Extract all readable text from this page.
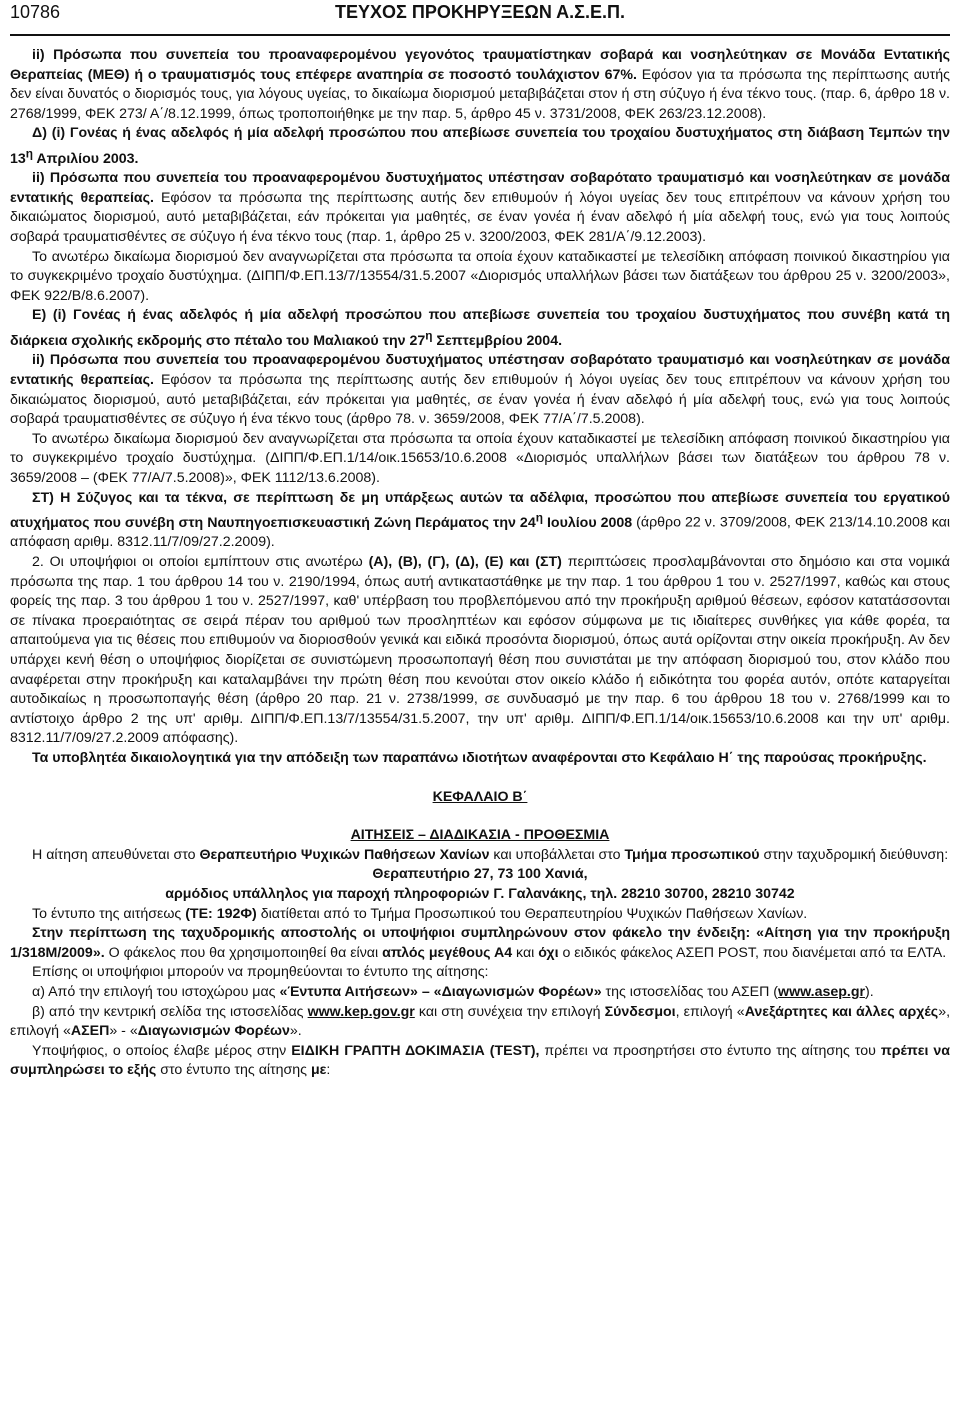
10786	ΤΕΥΧΟΣ ΠΡΟΚΗΡΥΞΕΩΝ Α.Σ.Ε.Π.

ii) Πρόσωπα που συνεπεία του προαναφερομένου γεγονότος τραυματίστηκαν σοβαρά και νοσηλεύτηκαν σε Μονάδα Εντατικής Θεραπείας (ΜΕΘ) ή ο τραυματισμός τους επέφερε αναπηρία σε ποσοστό τουλάχιστον 67%. Εφόσον για τα πρόσωπα της περίπτωσης αυτής δεν είναι δυνατός ο διορισμός τους, για λόγους υγείας, το δικαίωμα διορισμού μεταβιβάζεται στον ή στη σύζυγο ή ένα τέκνο τους. (παρ. 6, άρθρο 18 ν. 2768/1999, ΦΕΚ 273/ Α΄/8.12.1999, όπως τροποποιήθηκε με την παρ. 5, άρθρο 45 ν. 3731/2008, ΦΕΚ 263/23.12.2008).

Δ) (i) Γονέας ή ένας αδελφός ή μία αδελφή προσώπου που απεβίωσε συνεπεία του τροχαίου δυστυχήματος στη διάβαση Τεμπών την $13^\eta$ Απριλίου 2003.

ii) Πρόσωπα που συνεπεία του προαναφερομένου δυστυχήματος υπέστησαν σοβαρότατο τραυματισμό και νοσηλεύτηκαν σε μονάδα εντατικής θεραπείας. Εφόσον τα πρόσωπα της περίπτωσης αυτής δεν επιθυμούν ή λόγοι υγείας δεν τους επιτρέπουν να κάνουν χρήση του δικαιώματος διορισμού, αυτό μεταβιβάζεται, εάν πρόκειται για μαθητές, σε έναν γονέα ή έναν αδελφό ή μία αδελφή τους, ενώ για τους λοιπούς σοβαρά τραυματισθέντες σε σύζυγο ή ένα τέκνο τους (παρ. 1, άρθρο 25 ν. 3200/2003, ΦΕΚ 281/Α΄/9.12.2003).

Το ανωτέρω δικαίωμα διορισμού δεν αναγνωρίζεται στα πρόσωπα τα οποία έχουν καταδικαστεί με τελεσίδικη απόφαση ποινικού δικαστηρίου για το συγκεκριμένο τροχαίο δυστύχημα. (ΔΙΠΠ/Φ.ΕΠ.13/7/13554/31.5.2007 «Διορισμός υπαλλήλων βάσει των διατάξεων του άρθρου 25 ν. 3200/2003», ΦΕΚ 922/Β/8.6.2007).

Ε) (i) Γονέας ή ένας αδελφός ή μία αδελφή προσώπου που απεβίωσε συνεπεία του τροχαίου δυστυχήματος που συνέβη κατά τη διάρκεια σχολικής εκδρομής στο πέταλο του Μαλιακού την $27^\eta$ Σεπτεμβρίου 2004.

ii) Πρόσωπα που συνεπεία του προαναφερομένου δυστυχήματος υπέστησαν σοβαρότατο τραυματισμό και νοσηλεύτηκαν σε μονάδα εντατικής θεραπείας. Εφόσον τα πρόσωπα της περίπτωσης αυτής δεν επιθυμούν ή λόγοι υγείας δεν τους επιτρέπουν να κάνουν χρήση του δικαιώματος διορισμού, αυτό μεταβιβάζεται, εάν πρόκειται για μαθητές, σε έναν γονέα ή έναν αδελφό ή μία αδελφή τους, ενώ για τους λοιπούς σοβαρά τραυματισθέντες σε σύζυγο ή ένα τέκνο τους (άρθρο 78. ν. 3659/2008, ΦΕΚ 77/Α΄/7.5.2008).

Το ανωτέρω δικαίωμα διορισμού δεν αναγνωρίζεται στα πρόσωπα τα οποία έχουν καταδικαστεί με τελεσίδικη απόφαση ποινικού δικαστηρίου για το συγκεκριμένο τροχαίο δυστύχημα. (ΔΙΠΠ/Φ.ΕΠ.1/14/οικ.15653/10.6.2008 «Διορισμός υπαλλήλων βάσει των διατάξεων του άρθρου 78 ν. 3659/2008 – (ΦΕΚ 77/Α/7.5.2008)», ΦΕΚ 1112/13.6.2008).

ΣΤ) Η Σύζυγος και τα τέκνα, σε περίπτωση δε μη υπάρξεως αυτών τα αδέλφια, προσώπου που απεβίωσε συνεπεία του εργατικού ατυχήματος που συνέβη στη Ναυπηγοεπισκευαστική Ζώνη Περάματος την $24^\eta$ Ιουλίου 2008 (άρθρο 22 ν. 3709/2008, ΦΕΚ 213/14.10.2008 και απόφαση αριθμ. 8312.11/7/09/27.2.2009).

2. Οι υποψήφιοι οι οποίοι εμπίπτουν στις ανωτέρω (Α), (Β), (Γ), (Δ), (Ε) και (ΣΤ) περιπτώσεις προσλαμβάνονται στο δημόσιο και στα νομικά πρόσωπα της παρ. 1 του άρθρου 14 του ν. 2190/1994, όπως αυτή αντικαταστάθηκε με την παρ. 1 του άρθρου 1 του ν. 2527/1997, καθώς και στους φορείς της παρ. 3 του άρθρου 1 του ν. 2527/1997, καθ' υπέρβαση του προβλεπόμενου από την προκήρυξη αριθμού θέσεων, εφόσον κατατάσσονται σε πίνακα προεραιότητας σε σειρά πέραν του αριθμού των προσληπτέων και εφόσον σύμφωνα με τις ιδιαίτερες συνθήκες για κάθε φορέα, τα απαιτούμενα για τις θέσεις που επιθυμούν να διοριοσθούν γενικά και ειδικά προσόντα διορισμού, όπως αυτά ορίζονται στην οικεία προκήρυξη. Αν δεν υπάρχει κενή θέση ο υποψήφιος διορίζεται σε συνιστώμενη προσωποπαγή θέση που συνιστάται με την απόφαση διορισμού του, στον κλάδο που αναφέρεται στην προκήρυξη και καταλαμβάνει την πρώτη θέση που κενούται στον οικείο κλάδο ή ειδικότητα του φορέα αυτόν, οπότε καταργείται αυτοδικαίως η προσωποπαγής θέση (άρθρο 20 παρ. 21 ν. 2738/1999, σε συνδυασμό με την παρ. 6 του άρθρου 18 του ν. 2768/1999 και το αντίστοιχο άρθρο 2 της υπ' αριθμ. ΔΙΠΠ/Φ.ΕΠ.13/7/13554/31.5.2007, την υπ' αριθμ. ΔΙΠΠ/Φ.ΕΠ.1/14/οικ.15653/10.6.2008 και την υπ' αριθμ. 8312.11/7/09/27.2.2009 απόφασης).

Τα υποβλητέα δικαιολογητικά για την απόδειξη των παραπάνω ιδιοτήτων αναφέρονται στο Κεφάλαιο Η΄ της παρούσας προκήρυξης.

ΚΕΦΑΛΑΙΟ Β΄

ΑΙΤΗΣΕΙΣ – ΔΙΑΔΙΚΑΣΙΑ - ΠΡΟΘΕΣΜΙΑ

Η αίτηση απευθύνεται στο Θεραπευτήριο Ψυχικών Παθήσεων Χανίων και υποβάλλεται στο Τμήμα προσωπικού στην ταχυδρομική διεύθυνση:

Θεραπευτήριο 27, 73 100 Χανιά,

αρμόδιος υπάλληλος για παροχή πληροφοριών Γ. Γαλανάκης, τηλ. 28210 30700, 28210 30742

Το έντυπο της αιτήσεως (ΤΕ: 192Φ) διατίθεται από το Τμήμα Προσωπικού του Θεραπευτηρίου Ψυχικών Παθήσεων Χανίων.

Στην περίπτωση της ταχυδρομικής αποστολής οι υποψήφιοι συμπληρώνουν στον φάκελο την ένδειξη: «Αίτηση για την προκήρυξη 1/318Μ/2009». Ο φάκελος που θα χρησιμοποιηθεί θα είναι απλός μεγέθους Α4 και όχι ο ειδικός φάκελος ΑΣΕΠ POST, που διανέμεται από τα ΕΛΤΑ.

Επίσης οι υποψήφιοι μπορούν να προμηθεύονται το έντυπο της αίτησης:

α) Από την επιλογή του ιστοχώρου μας «Έντυπα Αιτήσεων» – «Διαγωνισμών Φορέων» της ιστοσελίδας του ΑΣΕΠ (www.asep.gr).

β) από την κεντρική σελίδα της ιστοσελίδας www.kep.gov.gr και στη συνέχεια την επιλογή Σύνδεσμοι, επιλογή «Ανεξάρτητες και άλλες αρχές», επιλογή «ΑΣΕΠ» - «Διαγωνισμών Φορέων».

Υποψήφιος, ο οποίος έλαβε μέρος στην ΕΙΔΙΚΗ ΓΡΑΠΤΗ ΔΟΚΙΜΑΣΙΑ (TEST), πρέπει να προσηρτήσει στο έντυπο της αίτησης του πρέπει να συμπληρώσει το εξής στο έντυπο της αίτησης με:
